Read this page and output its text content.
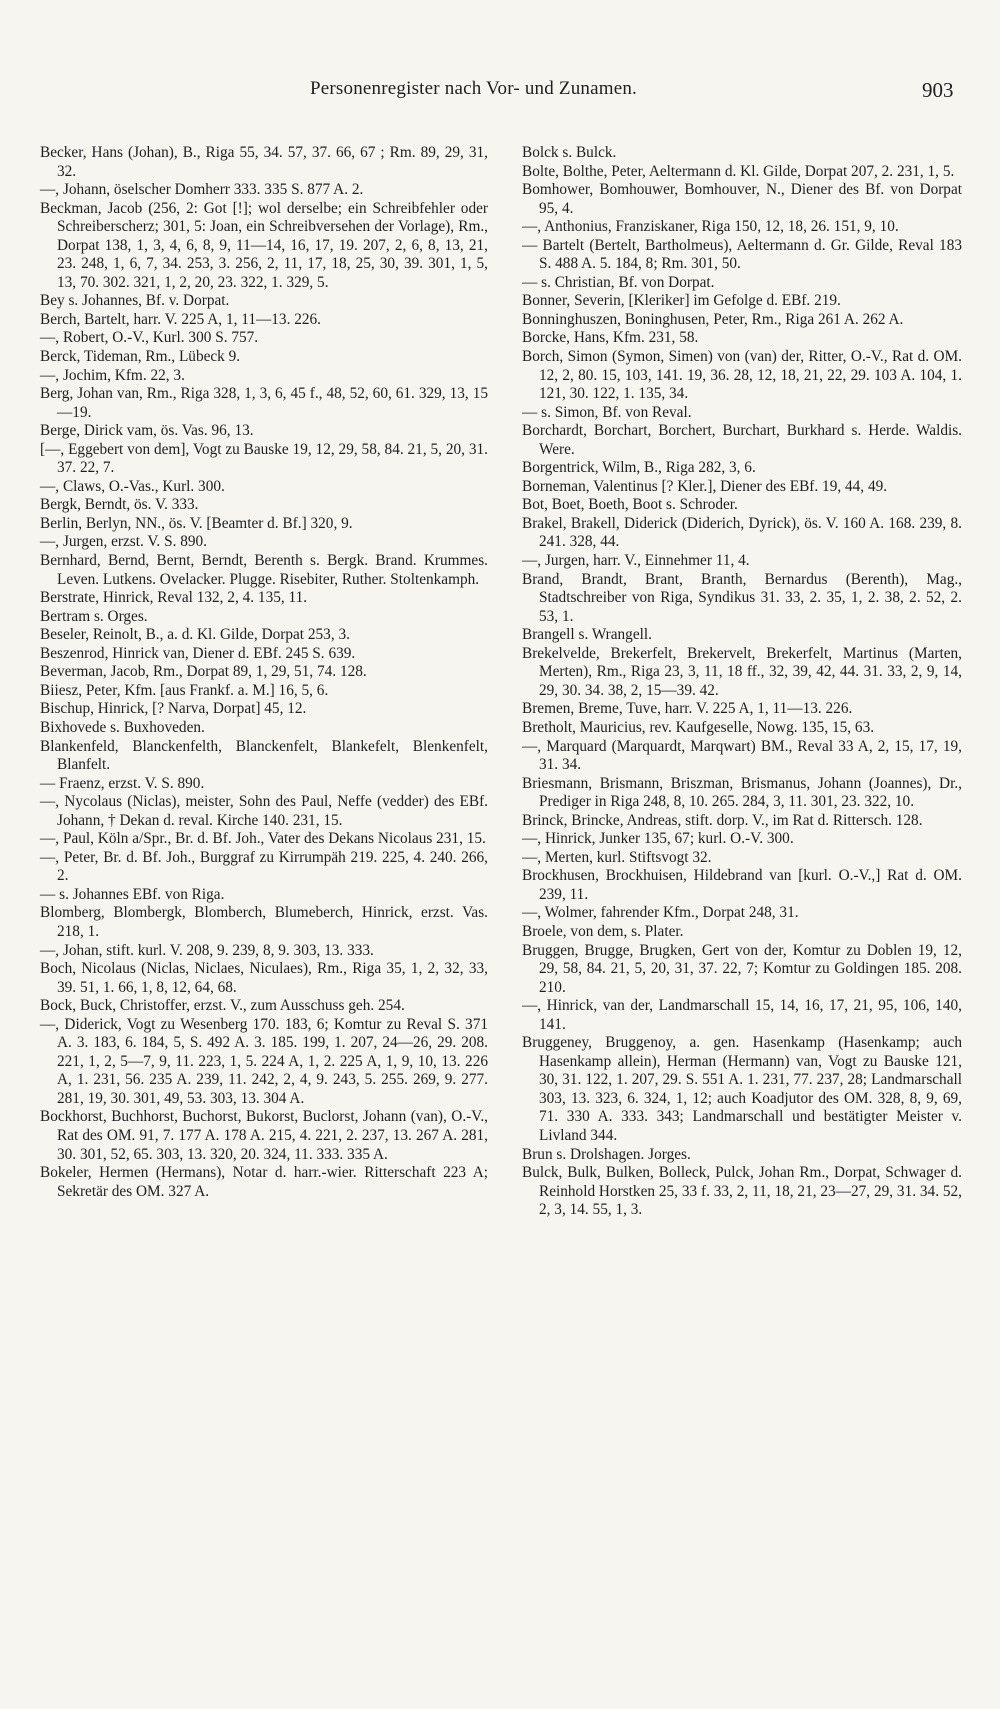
Personenregister nach Vor- und Zunamen.	903
Becker, Hans (Johan), B., Riga 55, 34. 57, 37. 66, 67 ; Rm. 89, 29, 31, 32.
—, Johann, öselscher Domherr 333. 335 S. 877 A. 2.
Beckman, Jacob (256, 2: Got [!]; wol derselbe; ein Schreibfehler oder Schreiberscherz; 301, 5: Joan, ein Schreibversehen der Vorlage), Rm., Dorpat 138, 1, 3, 4, 6, 8, 9, 11—14, 16, 17, 19. 207, 2, 6, 8, 13, 21, 23. 248, 1, 6, 7, 34. 253, 3. 256, 2, 11, 17, 18, 25, 30, 39. 301, 1, 5, 13, 70. 302. 321, 1, 2, 20, 23. 322, 1. 329, 5.
Bey s. Johannes, Bf. v. Dorpat.
Berch, Bartelt, harr. V. 225 A, 1, 11—13. 226.
—, Robert, O.-V., Kurl. 300 S. 757.
Berck, Tideman, Rm., Lübeck 9.
—, Jochim, Kfm. 22, 3.
Berg, Johan van, Rm., Riga 328, 1, 3, 6, 45 f., 48, 52, 60, 61. 329, 13, 15—19.
Berge, Dirick vam, ös. Vas. 96, 13.
[—, Eggebert von dem], Vogt zu Bauske 19, 12, 29, 58, 84. 21, 5, 20, 31. 37. 22, 7.
—, Claws, O.-Vas., Kurl. 300.
Bergk, Berndt, ös. V. 333.
Berlin, Berlyn, NN., ös. V. [Beamter d. Bf.] 320, 9.
—, Jurgen, erzst. V. S. 890.
Bernhard, Bernd, Bernt, Berndt, Berenth s. Bergk. Brand. Krummes. Leven. Lutkens. Ovelacker. Plugge. Risebiter, Ruther. Stoltenkamph.
Berstrate, Hinrick, Reval 132, 2, 4. 135, 11.
Bertram s. Orges.
Beseler, Reinolt, B., a. d. Kl. Gilde, Dorpat 253, 3.
Beszenrod, Hinrick van, Diener d. EBf. 245 S. 639.
Beverman, Jacob, Rm., Dorpat 89, 1, 29, 51, 74. 128.
Biiesz, Peter, Kfm. [aus Frankf. a. M.] 16, 5, 6.
Bischup, Hinrick, [? Narva, Dorpat] 45, 12.
Bixhovede s. Buxhoveden.
Blankenfeld, Blanckenfelth, Blanckenfelt, Blankefelt, Blenkenfelt, Blanfelt.
— Fraenz, erzst. V. S. 890.
—, Nycolaus (Niclas), meister, Sohn des Paul, Neffe (vedder) des EBf. Johann, † Dekan d. reval. Kirche 140. 231, 15.
—, Paul, Köln a/Spr., Br. d. Bf. Joh., Vater des Dekans Nicolaus 231, 15.
—, Peter, Br. d. Bf. Joh., Burggraf zu Kirrumpäh 219. 225, 4. 240. 266, 2.
— s. Johannes EBf. von Riga.
Blomberg, Blombergk, Blomberch, Blumeberch, Hinrick, erzst. Vas. 218, 1.
—, Johan, stift. kurl. V. 208, 9. 239, 8, 9. 303, 13. 333.
Boch, Nicolaus (Niclas, Niclaes, Niculaes), Rm., Riga 35, 1, 2, 32, 33, 39. 51, 1. 66, 1, 8, 12, 64, 68.
Bock, Buck, Christoffer, erzst. V., zum Ausschuss geh. 254.
—, Diderick, Vogt zu Wesenberg 170. 183, 6; Komtur zu Reval S. 371 A. 3. 183, 6. 184, 5, S. 492 A. 3. 185. 199, 1. 207, 24—26, 29. 208. 221, 1, 2, 5—7, 9, 11. 223, 1, 5. 224 A, 1, 2. 225 A, 1, 9, 10, 13. 226 A, 1. 231, 56. 235 A. 239, 11. 242, 2, 4, 9. 243, 5. 255. 269, 9. 277. 281, 19, 30. 301, 49, 53. 303, 13. 304 A.
Bockhorst, Buchhorst, Buchorst, Bukorst, Buclorst, Johann (van), O.-V., Rat des OM. 91, 7. 177 A. 178 A. 215, 4. 221, 2. 237, 13. 267 A. 281, 30. 301, 52, 65. 303, 13. 320, 20. 324, 11. 333. 335 A.
Bokeler, Hermen (Hermans), Notar d. harr.-wier. Ritterschaft 223 A; Sekretär des OM. 327 A.
Bolck s. Bulck.
Bolte, Bolthe, Peter, Aeltermann d. Kl. Gilde, Dorpat 207, 2. 231, 1, 5.
Bomhower, Bomhouwer, Bomhouver, N., Diener des Bf. von Dorpat 95, 4.
—, Anthonius, Franziskaner, Riga 150, 12, 18, 26. 151, 9, 10.
— Bartelt (Bertelt, Bartholmeus), Aeltermann d. Gr. Gilde, Reval 183 S. 488 A. 5. 184, 8; Rm. 301, 50.
— s. Christian, Bf. von Dorpat.
Bonner, Severin, [Kleriker] im Gefolge d. EBf. 219.
Bonninghuszen, Boninghusen, Peter, Rm., Riga 261 A. 262 A.
Borcke, Hans, Kfm. 231, 58.
Borch, Simon (Symon, Simen) von (van) der, Ritter, O.-V., Rat d. OM. 12, 2, 80. 15, 103, 141. 19, 36. 28, 12, 18, 21, 22, 29. 103 A. 104, 1. 121, 30. 122, 1. 135, 34.
— s. Simon, Bf. von Reval.
Borchardt, Borchart, Borchert, Burchart, Burkhard s. Herde. Waldis. Were.
Borgentrick, Wilm, B., Riga 282, 3, 6.
Borneman, Valentinus [? Kler.], Diener des EBf. 19, 44, 49.
Bot, Boet, Boeth, Boot s. Schroder.
Brakel, Brakell, Diderick (Diderich, Dyrick), ös. V. 160 A. 168. 239, 8. 241. 328, 44.
—, Jurgen, harr. V., Einnehmer 11, 4.
Brand, Brandt, Brant, Branth, Bernardus (Berenth), Mag., Stadtschreiber von Riga, Syndikus 31. 33, 2. 35, 1, 2. 38, 2. 52, 2. 53, 1.
Brangell s. Wrangell.
Brekelvelde, Brekerfelt, Brekervelt, Brekerfelt, Martinus (Marten, Merten), Rm., Riga 23, 3, 11, 18 ff., 32, 39, 42, 44. 31. 33, 2, 9, 14, 29, 30. 34. 38, 2, 15—39. 42.
Bremen, Breme, Tuve, harr. V. 225 A, 1, 11—13. 226.
Bretholt, Mauricius, rev. Kaufgeselle, Nowg. 135, 15, 63.
—, Marquard (Marquardt, Marqwart) BM., Reval 33 A, 2, 15, 17, 19, 31. 34.
Briesmann, Brismann, Briszman, Brismanus, Johann (Joannes), Dr., Prediger in Riga 248, 8, 10. 265. 284, 3, 11. 301, 23. 322, 10.
Brinck, Brincke, Andreas, stift. dorp. V., im Rat d. Rittersch. 128.
—, Hinrick, Junker 135, 67; kurl. O.-V. 300.
—, Merten, kurl. Stiftsvogt 32.
Brockhusen, Brockhuisen, Hildebrand van [kurl. O.-V.,] Rat d. OM. 239, 11.
—, Wolmer, fahrender Kfm., Dorpat 248, 31.
Broele, von dem, s. Plater.
Bruggen, Brugge, Brugken, Gert von der, Komtur zu Doblen 19, 12, 29, 58, 84. 21, 5, 20, 31, 37. 22, 7; Komtur zu Goldingen 185. 208. 210.
—, Hinrick, van der, Landmarschall 15, 14, 16, 17, 21, 95, 106, 140, 141.
Bruggeney, Bruggenoy, a. gen. Hasenkamp (Hasenkamp; auch Hasenkamp allein), Herman (Hermann) van, Vogt zu Bauske 121, 30, 31. 122, 1. 207, 29. S. 551 A. 1. 231, 77. 237, 28; Landmarschall 303, 13. 323, 6. 324, 1, 12; auch Koadjutor des OM. 328, 8, 9, 69, 71. 330 A. 333. 343; Landmarschall und bestätigter Meister v. Livland 344.
Brun s. Drolshagen. Jorges.
Bulck, Bulk, Bulken, Bolleck, Pulck, Johan Rm., Dorpat, Schwager d. Reinhold Horstken 25, 33 f. 33, 2, 11, 18, 21, 23—27, 29, 31. 34. 52, 2, 3, 14. 55, 1, 3.
